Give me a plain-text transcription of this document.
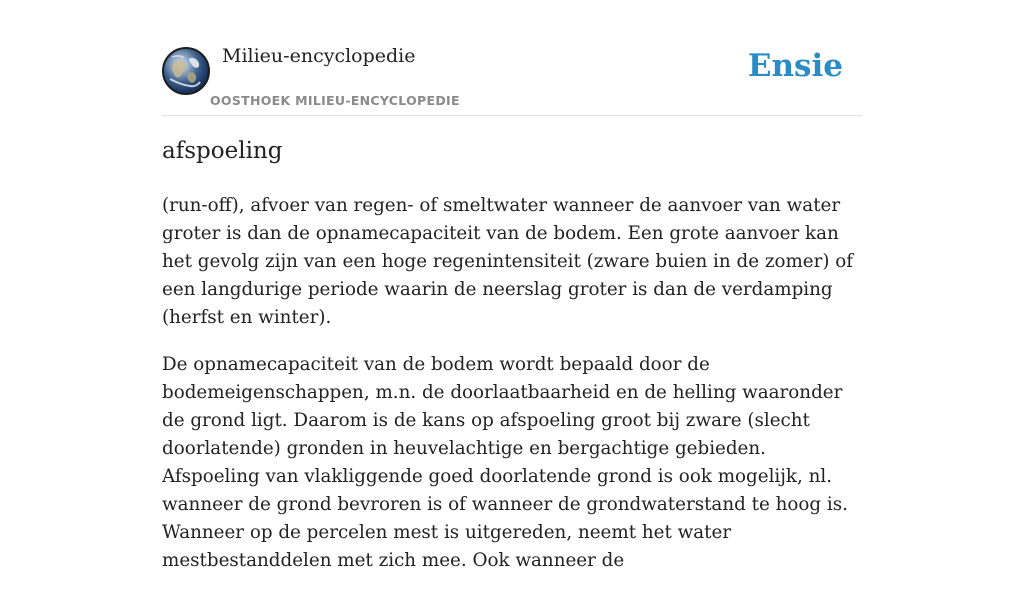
Milieu-encyclopedie
OOSTHOEK MILIEU-ENCYCLOPEDIE
Ensie
afspoeling

(run-off), afvoer van regen- of smeltwater wanneer de aanvoer van water groter is dan de opnamecapaciteit van de bodem. Een grote aanvoer kan het gevolg zijn van een hoge regenintensiteit (zware buien in de zomer) of een langdurige periode waarin de neerslag groter is dan de verdamping (herfst en winter).

De opnamecapaciteit van de bodem wordt bepaald door de bodemeigenschappen, m.n. de doorlaatbaarheid en de helling waaronder de grond ligt. Daarom is de kans op afspoeling groot bij zware (slecht doorlatende) gronden in heuvelachtige en bergachtige gebieden. Afspoeling van vlakliggende goed doorlatende grond is ook mogelijk, nl. wanneer de grond bevroren is of wanneer de grondwaterstand te hoog is. Wanneer op de percelen mest is uitgereden, neemt het water mestbestanddelen met zich mee. Ook wanneer de
